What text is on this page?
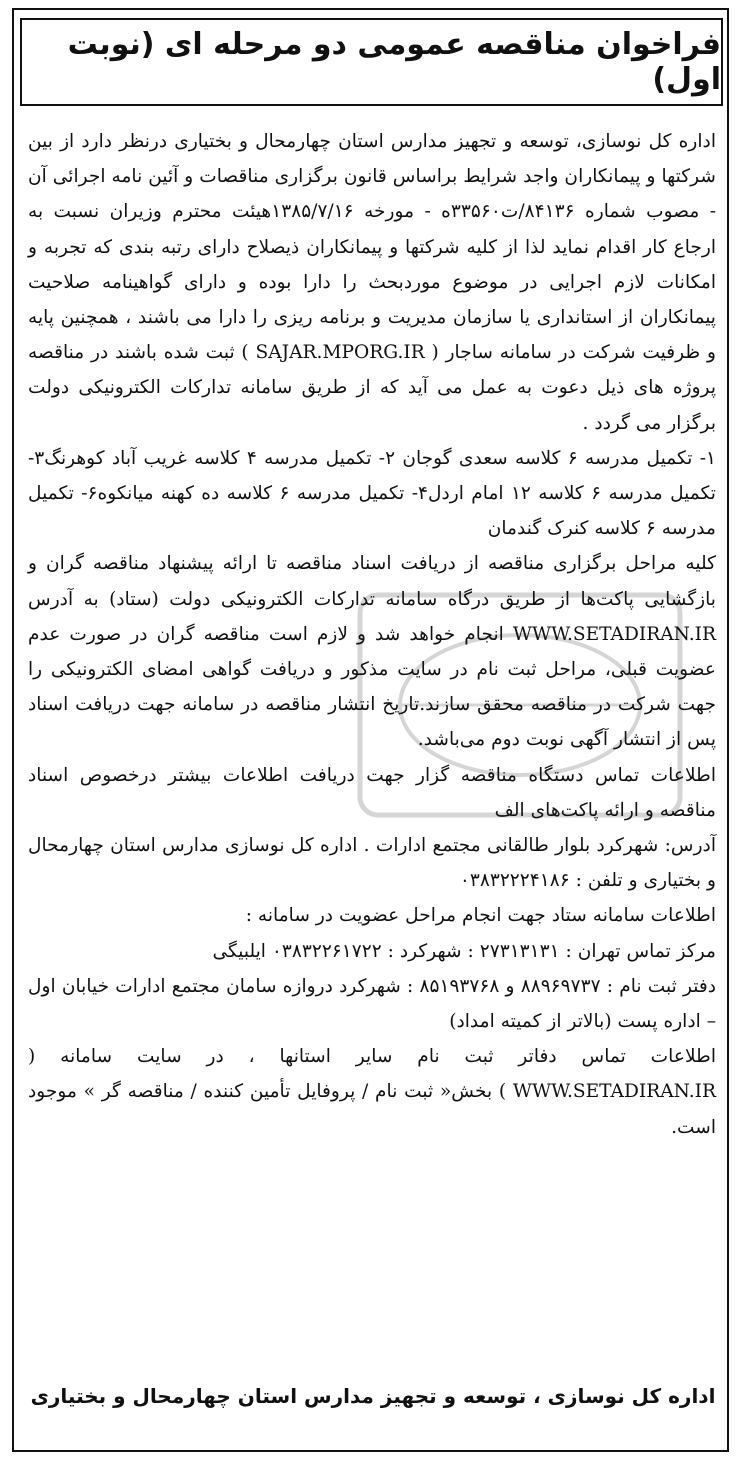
فراخوان مناقصه عمومی دو مرحله ای (نوبت اول)

اداره کل نوسازی، توسعه و تجهیز مدارس استان چهارمحال و بختیاری درنظر دارد از بین شرکتها و پیمانکاران واجد شرایط براساس قانون برگزاری مناقصات و آئین نامه اجرائی آن - مصوب شماره ۸۴۱۳۶/ت۳۳۵۶۰ه - مورخه ۱۳۸۵/۷/۱۶هیئت محترم وزیران نسبت به ارجاع کار اقدام نماید لذا از کلیه شرکتها و پیمانکاران ذیصلاح دارای رتبه بندی که تجربه و امکانات لازم اجرایی در موضوع موردبحث را دارا بوده و دارای گواهینامه صلاحیت پیمانکاران از استانداری یا سازمان مدیریت و برنامه ریزی را دارا می باشند ، همچنین پایه و ظرفیت شرکت در سامانه ساجار ( SAJAR.MPORG.IR ) ثبت شده باشند در مناقصه پروژه های ذیل دعوت به عمل می آید که از طریق سامانه تدارکات الکترونیکی دولت برگزار می گردد .

۱- تکمیل مدرسه ۶ کلاسه سعدی گوجان ۲- تکمیل مدرسه ۴ کلاسه غریب آباد کوهرنگ۳- تکمیل مدرسه ۶ کلاسه ۱۲ امام اردل۴- تکمیل مدرسه ۶ کلاسه ده کهنه میانکوه۶- تکمیل مدرسه ۶ کلاسه کنرک گندمان

کلیه مراحل برگزاری مناقصه از دریافت اسناد مناقصه تا ارائه پیشنهاد مناقصه گران و بازگشایی پاکت‌ها از طریق درگاه سامانه تدارکات الکترونیکی دولت (ستاد) به آدرس WWW.SETADIRAN.IR انجام خواهد شد و لازم است مناقصه گران در صورت عدم عضویت قبلی، مراحل ثبت نام در سایت مذکور و دریافت گواهی امضای الکترونیکی را جهت شرکت در مناقصه محقق سازند.تاریخ انتشار مناقصه در سامانه جهت دریافت اسناد پس از انتشار آگهی نوبت دوم می‌باشد.

اطلاعات تماس دستگاه مناقصه گزار جهت دریافت اطلاعات بیشتر درخصوص اسناد مناقصه و ارائه پاکت‌های الف

آدرس: شهرکرد بلوار طالقانی مجتمع ادارات . اداره کل نوسازی مدارس استان چهارمحال و بختیاری و تلفن : ۰۳۸۳۲۲۲۴۱۸۶

اطلاعات سامانه ستاد جهت انجام مراحل عضویت در سامانه :

مرکز تماس تهران : ۲۷۳۱۳۱۳۱ : شهرکرد : ۰۳۸۳۲۲۶۱۷۲۲ ایلبیگی

دفتر ثبت نام : ۸۸۹۶۹۷۳۷ و ۸۵۱۹۳۷۶۸ : شهرکرد دروازه سامان مجتمع ادارات خیابان اول – اداره پست (بالاتر از کمیته امداد)

اطلاعات تماس دفاتر ثبت نام سایر استانها ، در سایت سامانه ( WWW.SETADIRAN.IR ) بخش« ثبت نام / پروفایل تأمین کننده / مناقصه گر » موجود است.

اداره کل نوسازی ، توسعه و تجهیز مدارس استان چهارمحال و بختیاری
